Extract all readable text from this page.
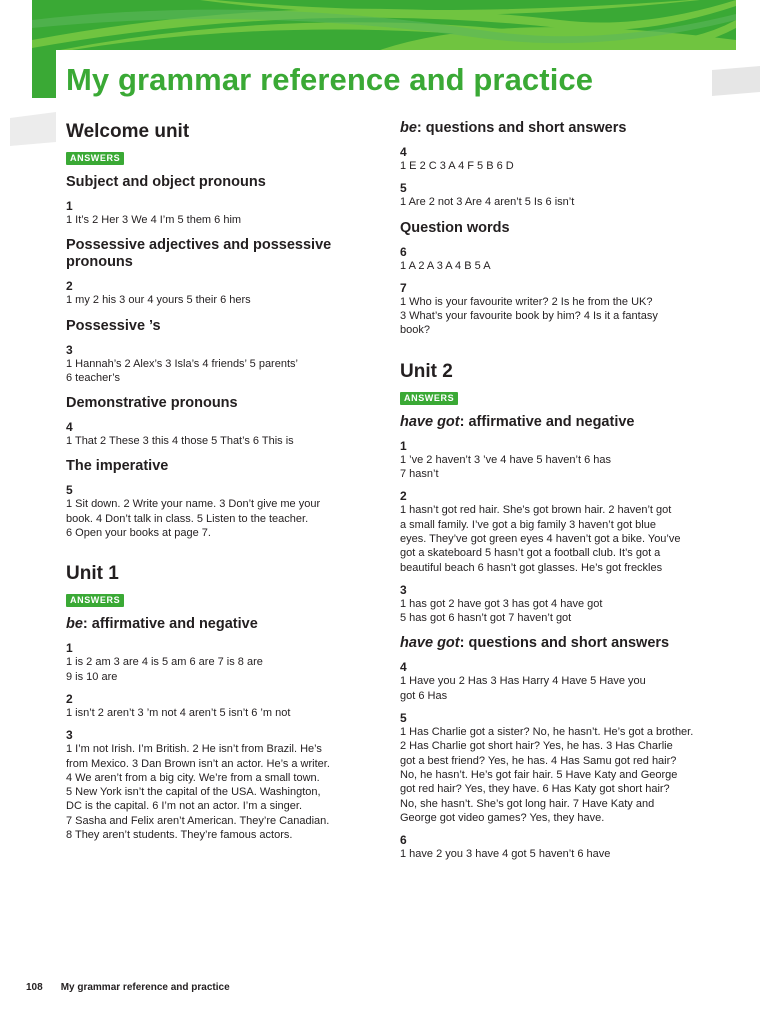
My grammar reference and practice
Welcome unit
ANSWERS
Subject and object pronouns
1
1 It’s 2 Her 3 We 4 I’m 5 them 6 him
Possessive adjectives and possessive pronouns
2
1 my 2 his 3 our 4 yours 5 their 6 hers
Possessive ’s
3
1 Hannah’s 2 Alex’s 3 Isla’s 4 friends’ 5 parents’
6 teacher’s
Demonstrative pronouns
4
1 That 2 These 3 this 4 those 5 That’s 6 This is
The imperative
5
1 Sit down. 2 Write your name. 3 Don’t give me your
book. 4 Don’t talk in class. 5 Listen to the teacher.
6 Open your books at page 7.
Unit 1
ANSWERS
be: affirmative and negative
1
1 is 2 am 3 are 4 is 5 am 6 are 7 is 8 are
9 is 10 are
2
1 isn’t 2 aren’t 3 ’m not 4 aren’t 5 isn’t 6 ’m not
3
1 I’m not Irish. I’m British. 2 He isn’t from Brazil. He’s
from Mexico. 3 Dan Brown isn’t an actor. He’s a writer.
4 We aren’t from a big city. We’re from a small town.
5 New York isn’t the capital of the USA. Washington,
DC is the capital. 6 I’m not an actor. I’m a singer.
7 Sasha and Felix aren’t American. They’re Canadian.
8 They aren’t students. They’re famous actors.
be: questions and short answers
4
1 E 2 C 3 A 4 F 5 B 6 D
5
1 Are 2 not 3 Are 4 aren’t 5 Is 6 isn’t
Question words
6
1 A 2 A 3 A 4 B 5 A
7
1 Who is your favourite writer? 2 Is he from the UK?
3 What’s your favourite book by him? 4 Is it a fantasy
book?
Unit 2
ANSWERS
have got: affirmative and negative
1
1 ’ve 2 haven’t 3 ’ve 4 have 5 haven’t 6 has
7 hasn’t
2
1 hasn’t got red hair. She’s got brown hair. 2 haven’t got
a small family. I’ve got a big family 3 haven’t got blue
eyes. They’ve got green eyes 4 haven’t got a bike. You’ve
got a skateboard 5 hasn’t got a football club. It’s got a
beautiful beach 6 hasn’t got glasses. He’s got freckles
3
1 has got 2 have got 3 has got 4 have got
5 has got 6 hasn’t got 7 haven’t got
have got: questions and short answers
4
1 Have you 2 Has 3 Has Harry 4 Have 5 Have you
got 6 Has
5
1 Has Charlie got a sister? No, he hasn’t. He’s got a brother.
2 Has Charlie got short hair? Yes, he has. 3 Has Charlie
got a best friend? Yes, he has. 4 Has Samu got red hair?
No, he hasn’t. He’s got fair hair. 5 Have Katy and George
got red hair? Yes, they have. 6 Has Katy got short hair?
No, she hasn’t. She’s got long hair. 7 Have Katy and
George got video games? Yes, they have.
6
1 have 2 you 3 have 4 got 5 haven’t 6 have
108 My grammar reference and practice
